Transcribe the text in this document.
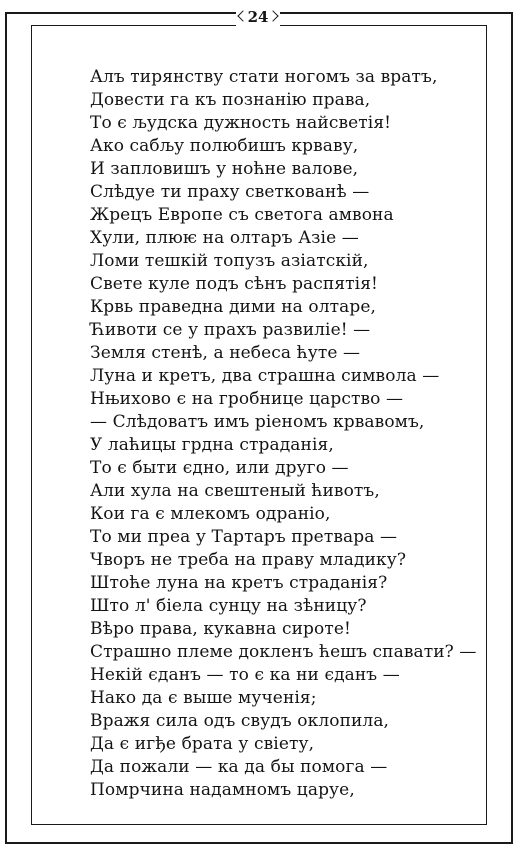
24
Алъ тирянству стати ногомъ за вратъ,
Довести га къ познанiю права,
То є људска дужность найсветiя!
Ако сабљу полюбишъ крваву,
И запловишъ у ноћне валове,
Слѣдуе ти праху светкованѣ —
Жрецъ Европе съ светога амвона
Хули, плюѥ на олтаръ Азiе —
Ломи тешкiй топузъ азiатскiй,
Свете куле подъ сѣнъ распятiя!
Крвь праведна дими на олтаре,
Ћивоти се у прахъ развилiе! —
Земля стенѣ, а небеса ћуте —
Луна и кретъ, два страшна символа —
Нњихово є на гробнице царство —
— Слѣдоватъ имъ рiеномъ крвавомъ,
У лаћицы грдна страданiя,
То є быти єдно, или друго —
Али хула на свештеный ћивотъ,
Кои га є млекомъ одранiо,
То ми преа у Тартаръ претвара —
Чворъ не треба на праву младику?
Штоће луна на кретъ страданiя?
Што л' бiела сунцу на зѣницу?
Вѣро права, кукавна сироте!
Страшно племе докленъ ћешъ спавати? —
Некiй єданъ — то є ка ни єданъ —
Нако да є выше мученiя;
Вражя сила одъ свудъ оклопила,
Да є игђе брата у свiету,
Да пожали — ка да бы помога —
Помрчина надамномъ царуе,
